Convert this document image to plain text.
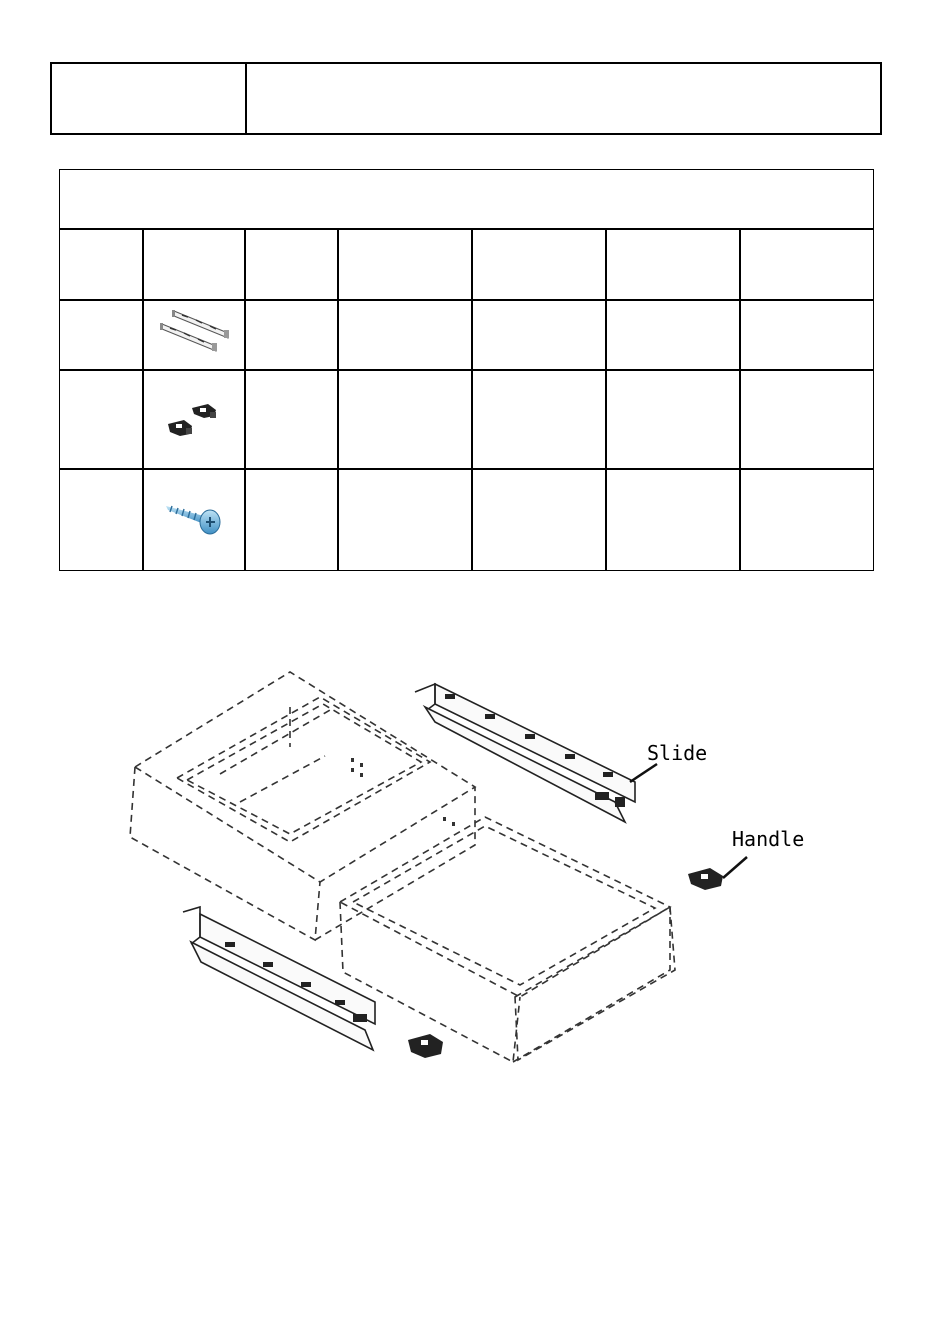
Slide
Handle
